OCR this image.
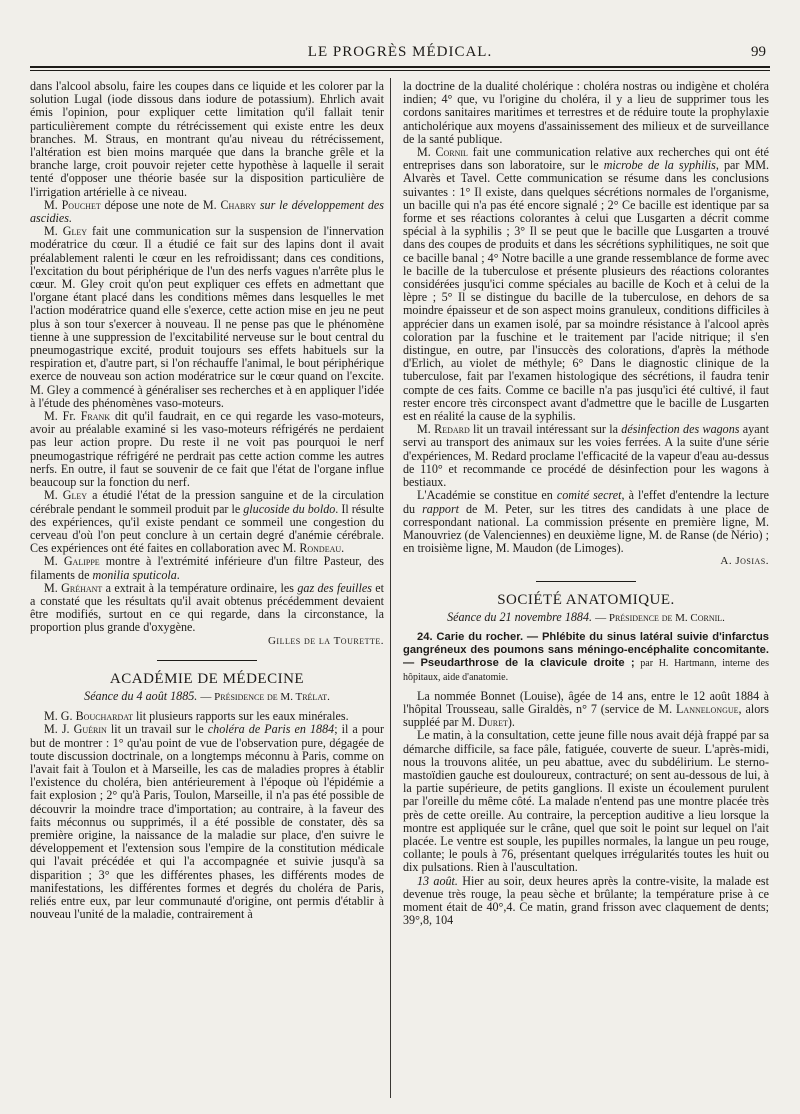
LE PROGRÈS MÉDICAL.	99

dans l'alcool absolu, faire les coupes dans ce liquide et les colorer par la solution Lugal (iode dissous dans iodure de potassium). Ehrlich avait émis l'opinion, pour expliquer cette limitation qu'il fallait tenir particulièrement compte du rétrécissement qui existe entre les deux branches. M. Straus, en montrant qu'au niveau du rétrécissement, l'altération est bien moins marquée que dans la branche grêle et la branche large, croit pouvoir rejeter cette hypothèse à laquelle il serait tenté d'opposer une théorie basée sur la disposition particulière de l'irrigation artérielle à ce niveau.

M. Pouchet dépose une note de M. Chabry sur le développement des ascidies.

M. Gley fait une communication sur la suspension de l'innervation modératrice du cœur. Il a étudié ce fait sur des lapins dont il avait préalablement ralenti le cœur en les refroidissant; dans ces conditions, l'excitation du bout périphérique de l'un des nerfs vagues n'arrête plus le cœur. M. Gley croit qu'on peut expliquer ces effets en admettant que l'organe étant placé dans les conditions mêmes dans lesquelles le met l'action modératrice quand elle s'exerce, cette action mise en jeu ne peut plus à son tour s'exercer à nouveau. Il ne pense pas que le phénomène tienne à une suppression de l'excitabilité nerveuse sur le bout central du pneumogastrique excité, produit toujours ses effets habituels sur la respiration et, d'autre part, si l'on réchauffe l'animal, le bout périphérique exerce de nouveau son action modératrice sur le cœur quand on l'excite. M. Gley a commencé à généraliser ses recherches et à en appliquer l'idée à l'étude des phénomènes vaso-moteurs.

M. Fr. Frank dit qu'il faudrait, en ce qui regarde les vaso-moteurs, avoir au préalable examiné si les vaso-moteurs réfrigérés ne perdaient pas leur action propre. Du reste il ne voit pas pourquoi le nerf pneumogastrique réfrigéré ne perdrait pas cette action comme les autres nerfs. En outre, il faut se souvenir de ce fait que l'état de l'organe influe beaucoup sur la fonction du nerf.

M. Gley a étudié l'état de la pression sanguine et de la circulation cérébrale pendant le sommeil produit par le glucoside du boldo. Il résulte des expériences, qu'il existe pendant ce sommeil une congestion du cerveau d'où l'on peut conclure à un certain degré d'anémie cérébrale. Ces expériences ont été faites en collaboration avec M. Rondeau.

M. Galippe montre à l'extrémité inférieure d'un filtre Pasteur, des filaments de monilia sputicola.

M. Gréhant a extrait à la température ordinaire, les gaz des feuilles et a constaté que les résultats qu'il avait obtenus précédemment devaient être modifiés, surtout en ce qui regarde, dans la circonstance, la proportion plus grande d'oxygène.

Gilles de la Tourette.
ACADÉMIE DE MÉDECINE
Séance du 4 août 1885. — Présidence de M. Trélat.

M. G. Bouchardat lit plusieurs rapports sur les eaux minérales.

M. J. Guérin lit un travail sur le choléra de Paris en 1884; il a pour but de montrer : 1° qu'au point de vue de l'observation pure, dégagée de toute discussion doctrinale, on a longtemps méconnu à Paris, comme on l'avait fait à Toulon et à Marseille, les cas de maladies propres à établir l'existence du choléra, bien antérieurement à l'époque où l'épidémie a fait explosion ; 2° qu'à Paris, Toulon, Marseille, il n'a pas été possible de découvrir la moindre trace d'importation; au contraire, à la faveur des faits méconnus ou supprimés, il a été possible de constater, dès sa première origine, la naissance de la maladie sur place, d'en suivre le développement et l'extension sous l'empire de la constitution médicale qui l'avait précédée et qui l'a accompagnée et suivie jusqu'à sa disparition ; 3° que les différentes phases, les différents modes de manifestations, les différentes formes et degrés du choléra de Paris, reliés entre eux, par leur communauté d'origine, ont permis d'établir à nouveau l'unité de la maladie, contrairement à

la doctrine de la dualité cholérique : choléra nostras ou indigène et choléra indien; 4° que, vu l'origine du choléra, il y a lieu de supprimer tous les cordons sanitaires maritimes et terrestres et de réduire toute la prophylaxie anticholérique aux moyens d'assainissement des milieux et de surveillance de la santé publique.

M. Cornil fait une communication relative aux recherches qui ont été entreprises dans son laboratoire, sur le microbe de la syphilis, par MM. Alvarès et Tavel. Cette communication se résume dans les conclusions suivantes : 1° Il existe, dans quelques sécrétions normales de l'organisme, un bacille qui n'a pas été encore signalé ; 2° Ce bacille est identique par sa forme et ses réactions colorantes à celui que Lusgarten a décrit comme spécial à la syphilis ; 3° Il se peut que le bacille que Lusgarten a trouvé dans des coupes de produits et dans les sécrétions syphilitiques, ne soit que ce bacille banal ; 4° Notre bacille a une grande ressemblance de forme avec le bacille de la tuberculose et présente plusieurs des réactions colorantes considérées jusqu'ici comme spéciales au bacille de Koch et à celui de la lèpre ; 5° Il se distingue du bacille de la tuberculose, en dehors de sa moindre épaisseur et de son aspect moins granuleux, conditions difficiles à apprécier dans un examen isolé, par sa moindre résistance à l'alcool après coloration par la fuschine et le traitement par l'acide nitrique; il s'en distingue, en outre, par l'insuccès des colorations, d'après la méthode d'Erlich, au violet de méthyle; 6° Dans le diagnostic clinique de la tuberculose, fait par l'examen histologique des sécrétions, il faudra tenir compte de ces faits. Comme ce bacille n'a pas jusqu'ici été cultivé, il faut rester encore très circonspect avant d'admettre que le bacille de Lusgarten est en réalité la cause de la syphilis.

M. Redard lit un travail intéressant sur la désinfection des wagons ayant servi au transport des animaux sur les voies ferrées. A la suite d'une série d'expériences, M. Redard proclame l'efficacité de la vapeur d'eau au-dessus de 110° et recommande ce procédé de désinfection pour les wagons à bestiaux.

L'Académie se constitue en comité secret, à l'effet d'entendre la lecture du rapport de M. Peter, sur les titres des candidats à une place de correspondant national. La commission présente en première ligne, M. Manouvriez (de Valenciennes) en deuxième ligne, M. de Ranse (de Nério) ; en troisième ligne, M. Maudon (de Limoges).

A. Josias.
SOCIÉTÉ ANATOMIQUE.
Séance du 21 novembre 1884. — Présidence de M. Cornil.
24. Carie du rocher. — Phlébite du sinus latéral suivie d'infarctus gangréneux des poumons sans méningo-encéphalite concomitante. — Pseudarthrose de la clavicule droite ; par H. Hartmann, interne des hôpitaux, aide d'anatomie.

La nommée Bonnet (Louise), âgée de 14 ans, entre le 12 août 1884 à l'hôpital Trousseau, salle Giraldès, n° 7 (service de M. Lannelongue, alors suppléé par M. Duret).

Le matin, à la consultation, cette jeune fille nous avait déjà frappé par sa démarche difficile, sa face pâle, fatiguée, couverte de sueur. L'après-midi, nous la trouvons alitée, un peu abattue, avec du subdélirium. Le sterno-mastoïdien gauche est douloureux, contracturé; on sent au-dessous de lui, à la partie supérieure, de petits ganglions. Il existe un écoulement purulent par l'oreille du même côté. La malade n'entend pas une montre placée très près de cette oreille. Au contraire, la perception auditive a lieu lorsque la montre est appliquée sur le crâne, quel que soit le point sur lequel on l'ait placée. Le ventre est souple, les pupilles normales, la langue un peu rouge, collante; le pouls à 76, présentant quelques irrégularités toutes les huit ou dix pulsations. Rien à l'auscultation.

13 août. Hier au soir, deux heures après la contre-visite, la malade est devenue très rouge, la peau sèche et brûlante; la température prise à ce moment était de 40°,4. Ce matin, grand frisson avec claquement de dents; 39°,8, 104
